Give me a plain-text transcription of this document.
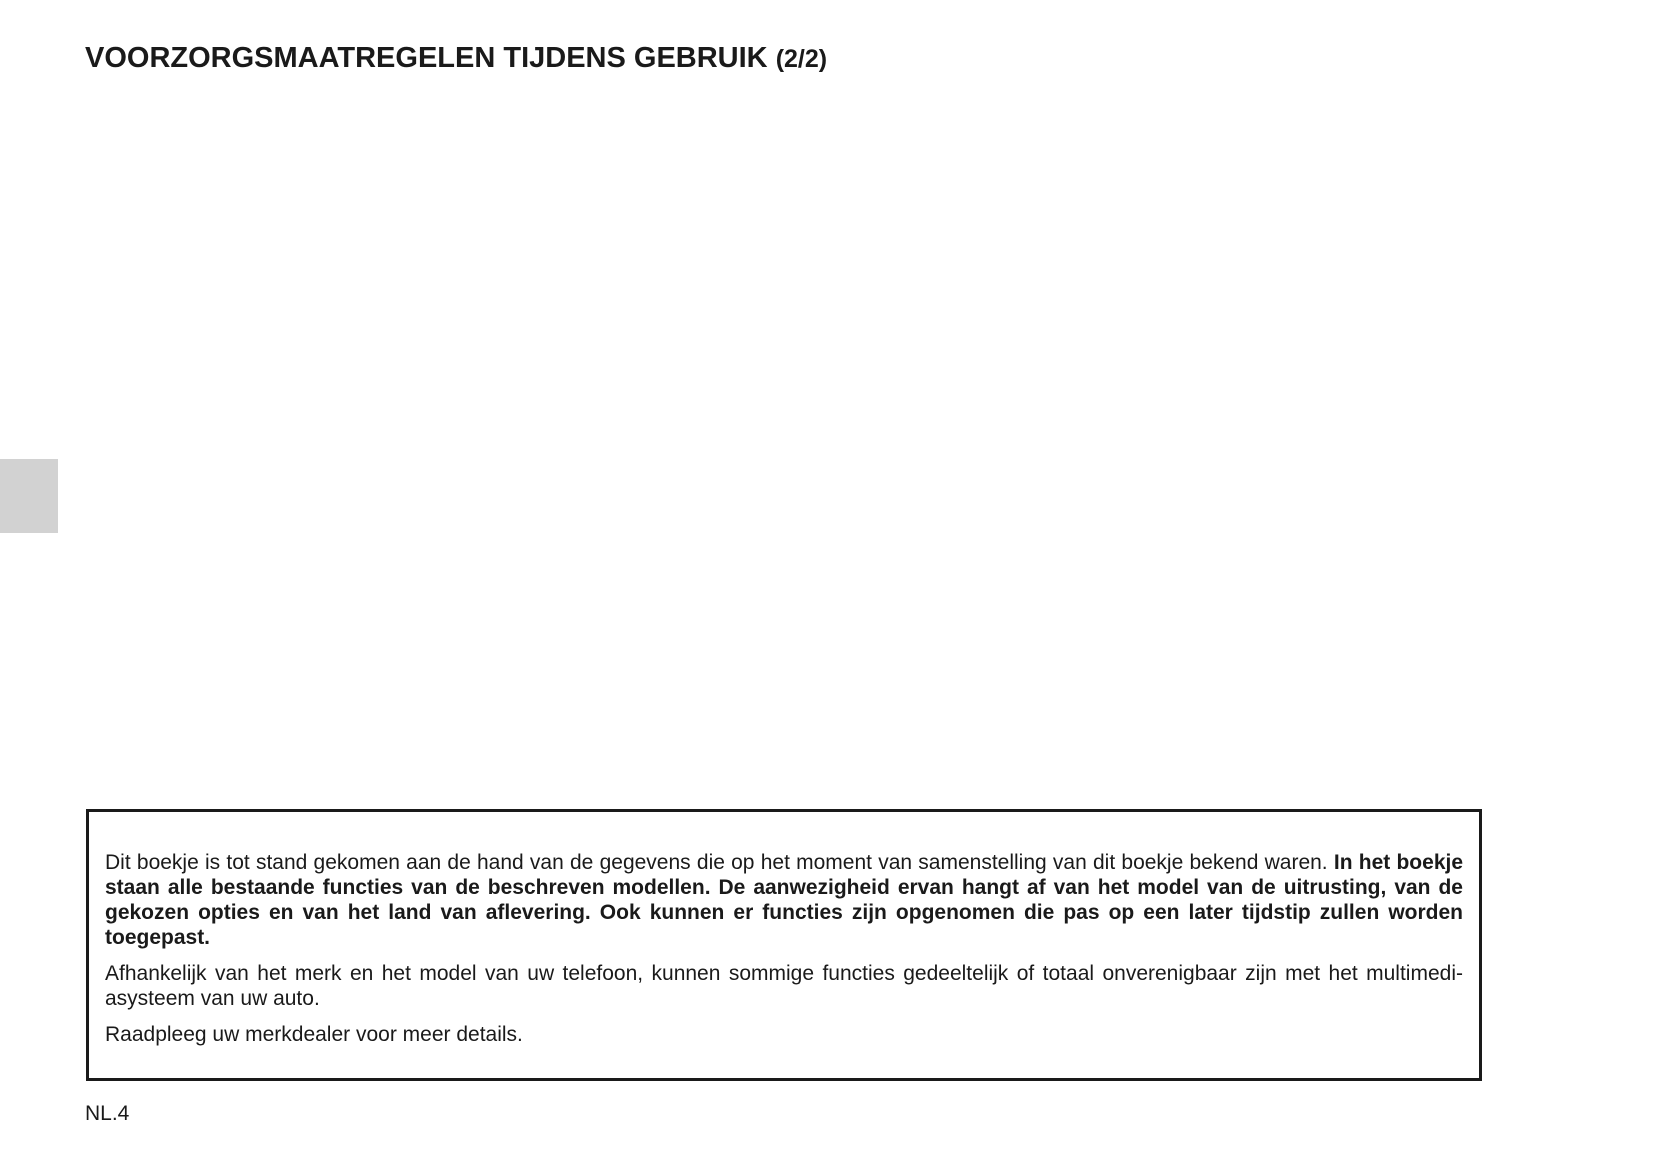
VOORZORGSMAATREGELEN TIJDENS GEBRUIK (2/2)

Dit boekje is tot stand gekomen aan de hand van de gegevens die op het moment van samenstelling van dit boekje bekend waren. In het boekje staan alle bestaande functies van de beschreven modellen. De aanwezigheid ervan hangt af van het model van de uitrusting, van de gekozen opties en van het land van aflevering. Ook kunnen er functies zijn opgenomen die pas op een later tijdstip zullen worden toegepast.

Afhankelijk van het merk en het model van uw telefoon, kunnen sommige functies gedeeltelijk of totaal onverenigbaar zijn met het multimediasysteem van uw auto.

Raadpleeg uw merkdealer voor meer details.

NL.4
